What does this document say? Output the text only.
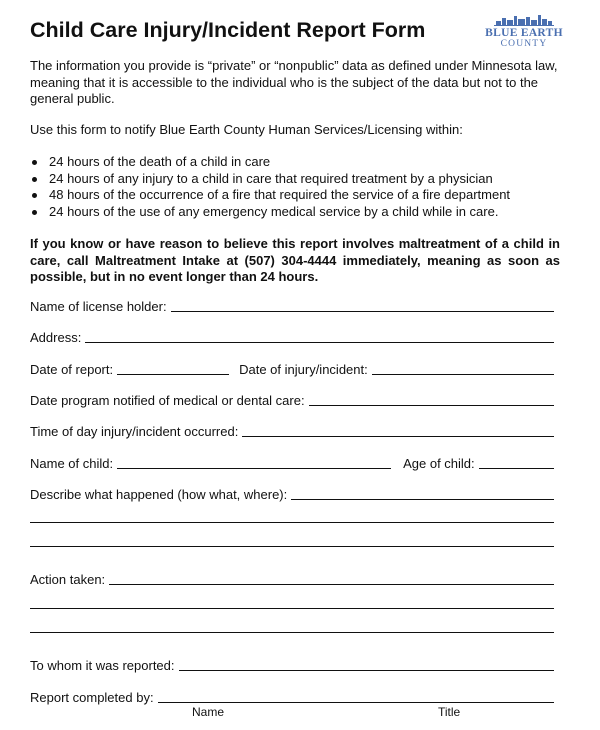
Child Care Injury/Incident Report Form	BLUE EARTH
COUNTY
The information you provide is “private” or “nonpublic” data as defined under Minnesota law, meaning that it is accessible to the individual who is the subject of the data but not to the general public.
Use this form to notify Blue Earth County Human Services/Licensing within:
24 hours of the death of a child in care
24 hours of any injury to a child in care that required treatment by a physician
48 hours of the occurrence of a fire that required the service of a fire department
24 hours of the use of any emergency medical service by a child while in care.
If you know or have reason to believe this report involves maltreatment of a child in care, call Maltreatment Intake at (507) 304-4444 immediately, meaning as soon as possible, but in no event longer than 24 hours.
Name of license holder:
Address:
Date of report:	Date of injury/incident:
Date program notified of medical or dental care:
Time of day injury/incident occurred:
Name of child:	Age of child:
Describe what happened (how what, where):
Action taken:
To whom it was reported:
Report completed by:
Name	Title
